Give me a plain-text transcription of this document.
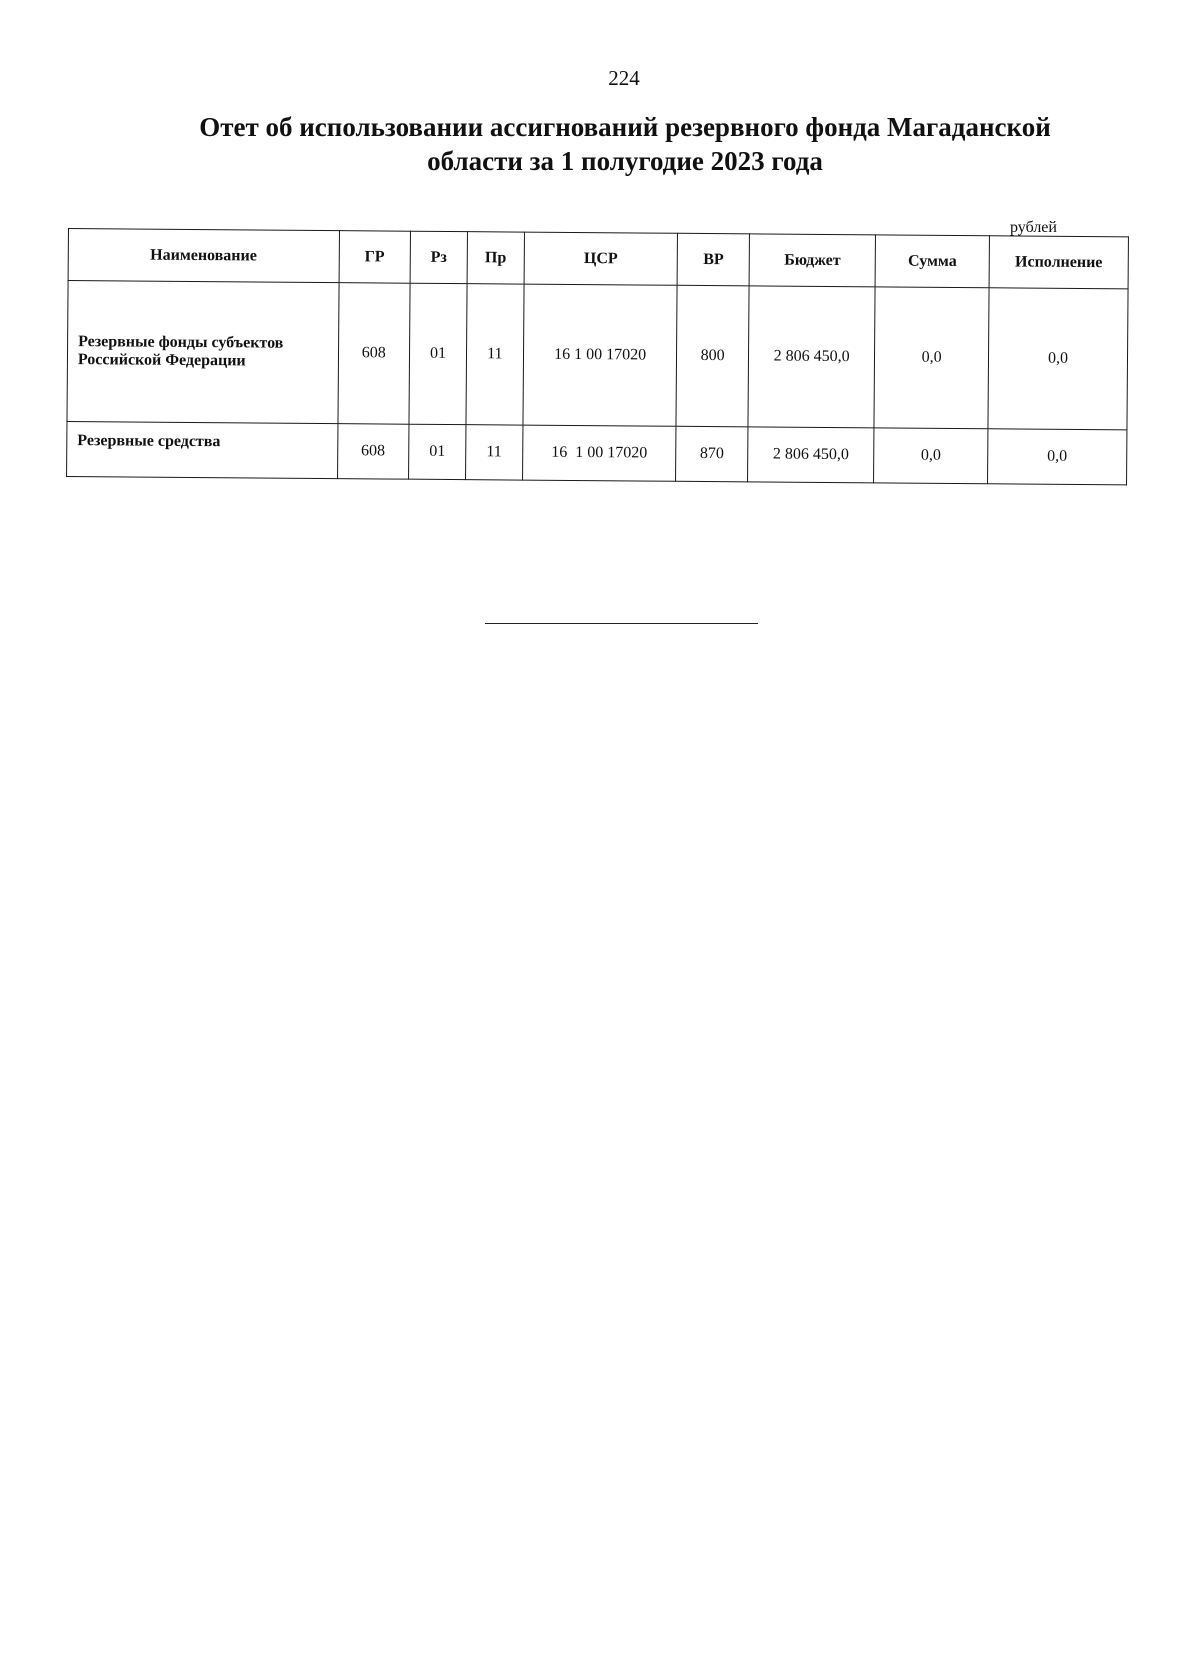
224
Отет об использовании ассигнований резервного фонда Магаданской
области за 1 полугодие 2023 года
рублей
Наименование	ГР	Рз	Пр	ЦСР	ВР	Бюджет	Сумма	Исполнение
Резервные фонды субъектов
Российской Федерации	608	01	11	16 1 00 17020	800	2 806 450,0	0,0	0,0
Резервные средства	608	01	11	16  1 00 17020	870	2 806 450,0	0,0	0,0
